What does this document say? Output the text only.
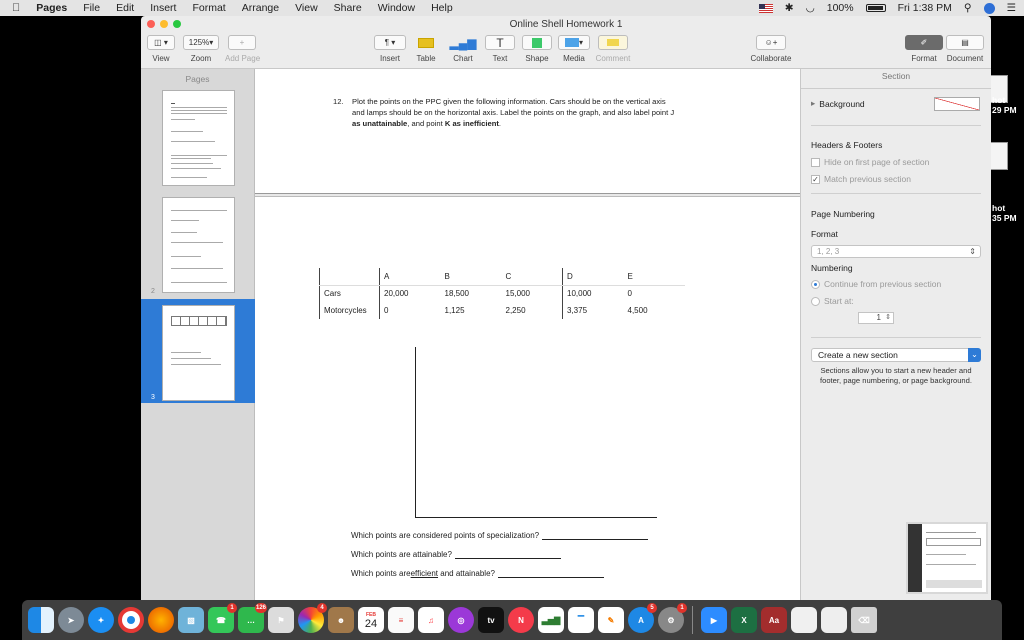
Pages	File	Edit	Insert	Format	Arrange	View	Share	Window	Help	✱ ◡ 100%	Fri 1:38 PM ⚲	☰
hot
29 PM
hot
35 PM
Online Shell Homework 1
◫ ▾
View
125% ▾
Zoom
+
Add Page
¶ ▾
Insert	Table
▂▄▆
Chart
T
Text	Shape
▾
Media	Comment
☺+
Collaborate
✐
Format
▤
Document
Pages
2
3
12.	Plot the points on the PPC given the following information. Cars should be on the vertical axis
and lamps should be on the horizontal axis. Label the points on the graph, and also label point J
as unattainable, and point K as inefficient.
	A	B	C	D	E
Cars	20,000	18,500	15,000	10,000	0
Motorcycles	0	1,125	2,250	3,375	4,500
Which points are considered points of specialization?
Which points are attainable?
Which points are efficient and attainable?
Section
▸ Background
Headers & Footers
Hide on first page of section
✓ Match previous section
Page Numbering
Format
1, 2, 3	⇕
Numbering
Continue from previous section
Start at:
1 ⇕
Create a new section	⌄
Sections allow you to start a new header and footer, page numbering, or page background.
➤	✦	▧	☎
1
…
126
⚑
4
☻
FEB
24	≡	♫	◎	tv	N	▃▅▇	▔	✎	A
5
⚙
1
▶	X	Aa	⌫
